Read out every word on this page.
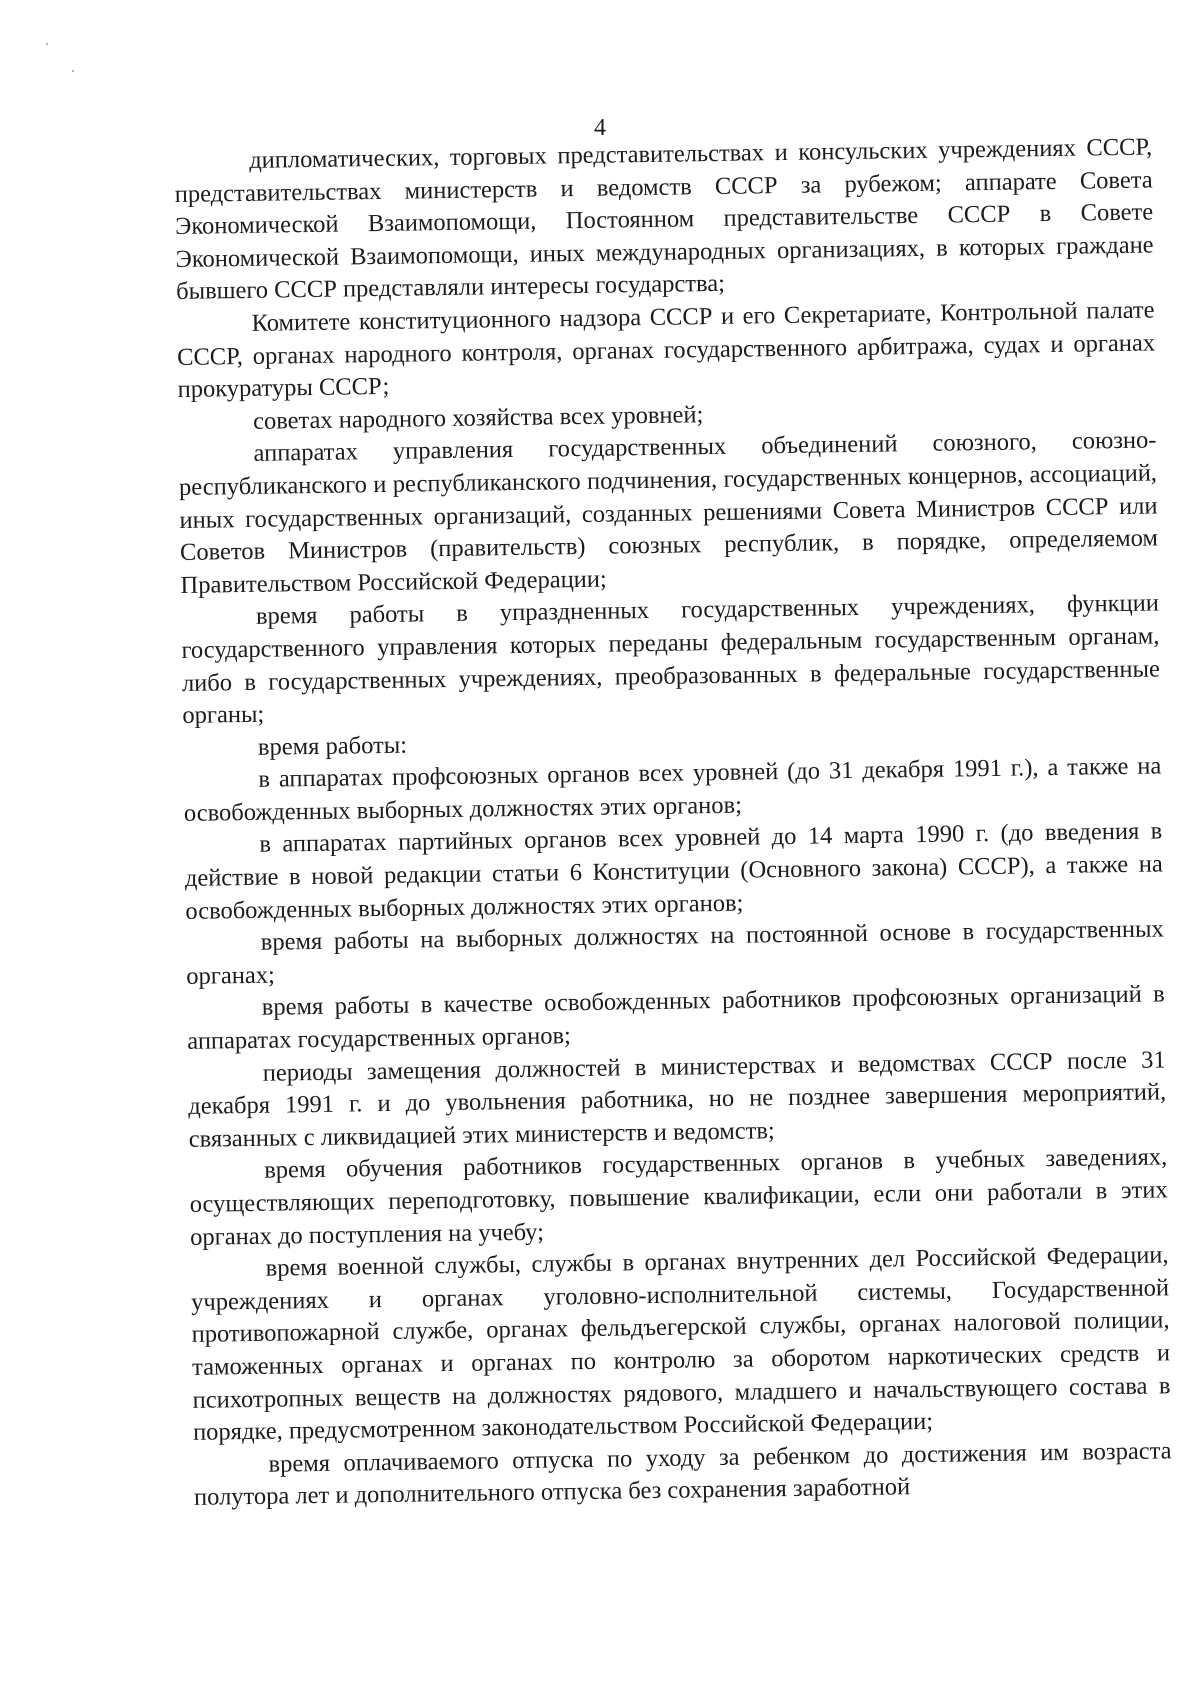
4

дипломатических, торговых представительствах и консульских учреждениях СССР, представительствах министерств и ведомств СССР за рубежом; аппарате Совета Экономической Взаимопомощи, Постоянном представительстве СССР в Совете Экономической Взаимопомощи, иных международных организациях, в которых граждане бывшего СССР представляли интересы государства;

Комитете конституционного надзора СССР и его Секретариате, Контрольной палате СССР, органах народного контроля, органах государственного арбитража, судах и органах прокуратуры СССР;

советах народного хозяйства всех уровней;

аппаратах управления государственных объединений союзного, союзно-республиканского и республиканского подчинения, государственных концернов, ассоциаций, иных государственных организаций, созданных решениями Совета Министров СССР или Советов Министров (правительств) союзных республик, в порядке, определяемом Правительством Российской Федерации;

время работы в упраздненных государственных учреждениях, функции государственного управления которых переданы федеральным государственным органам, либо в государственных учреждениях, преобразованных в федеральные государственные органы;

время работы:

в аппаратах профсоюзных органов всех уровней (до 31 декабря 1991 г.), а также на освобожденных выборных должностях этих органов;

в аппаратах партийных органов всех уровней до 14 марта 1990 г. (до введения в действие в новой редакции статьи 6 Конституции (Основного закона) СССР), а также на освобожденных выборных должностях этих органов;

время работы на выборных должностях на постоянной основе в государственных органах;

время работы в качестве освобожденных работников профсоюзных организаций в аппаратах государственных органов;

периоды замещения должностей в министерствах и ведомствах СССР после 31 декабря 1991 г. и до увольнения работника, но не позднее завершения мероприятий, связанных с ликвидацией этих министерств и ведомств;

время обучения работников государственных органов в учебных заведениях, осуществляющих переподготовку, повышение квалификации, если они работали в этих органах до поступления на учебу;

время военной службы, службы в органах внутренних дел Российской Федерации, учреждениях и органах уголовно-исполнительной системы, Государственной противопожарной службе, органах фельдъегерской службы, органах налоговой полиции, таможенных органах и органах по контролю за оборотом наркотических средств и психотропных веществ на должностях рядового, младшего и начальствующего состава в порядке, предусмотренном законодательством Российской Федерации;

время оплачиваемого отпуска по уходу за ребенком до достижения им возраста полутора лет и дополнительного отпуска без сохранения заработной
